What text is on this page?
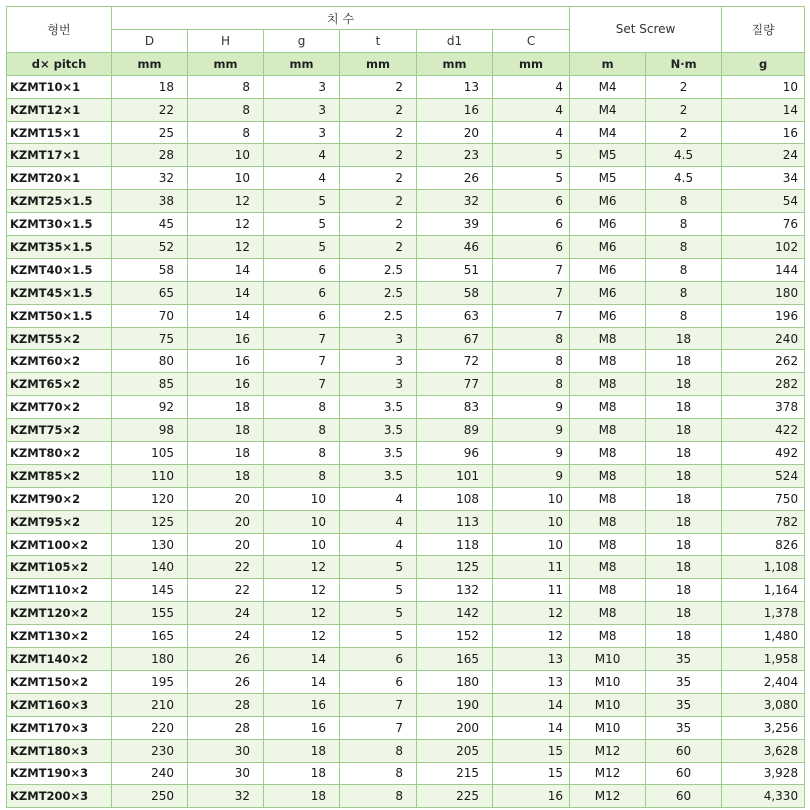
형번	치 수						Set Screw		질량
	D	H	g	t	d1	C			
d× pitch	mm	mm	mm	mm	mm	mm	m	N·m	g
KZMT10×1	18	8	3	2	13	4	M4	2	10
KZMT12×1	22	8	3	2	16	4	M4	2	14
KZMT15×1	25	8	3	2	20	4	M4	2	16
KZMT17×1	28	10	4	2	23	5	M5	4.5	24
KZMT20×1	32	10	4	2	26	5	M5	4.5	34
KZMT25×1.5	38	12	5	2	32	6	M6	8	54
KZMT30×1.5	45	12	5	2	39	6	M6	8	76
KZMT35×1.5	52	12	5	2	46	6	M6	8	102
KZMT40×1.5	58	14	6	2.5	51	7	M6	8	144
KZMT45×1.5	65	14	6	2.5	58	7	M6	8	180
KZMT50×1.5	70	14	6	2.5	63	7	M6	8	196
KZMT55×2	75	16	7	3	67	8	M8	18	240
KZMT60×2	80	16	7	3	72	8	M8	18	262
KZMT65×2	85	16	7	3	77	8	M8	18	282
KZMT70×2	92	18	8	3.5	83	9	M8	18	378
KZMT75×2	98	18	8	3.5	89	9	M8	18	422
KZMT80×2	105	18	8	3.5	96	9	M8	18	492
KZMT85×2	110	18	8	3.5	101	9	M8	18	524
KZMT90×2	120	20	10	4	108	10	M8	18	750
KZMT95×2	125	20	10	4	113	10	M8	18	782
KZMT100×2	130	20	10	4	118	10	M8	18	826
KZMT105×2	140	22	12	5	125	11	M8	18	1,108
KZMT110×2	145	22	12	5	132	11	M8	18	1,164
KZMT120×2	155	24	12	5	142	12	M8	18	1,378
KZMT130×2	165	24	12	5	152	12	M8	18	1,480
KZMT140×2	180	26	14	6	165	13	M10	35	1,958
KZMT150×2	195	26	14	6	180	13	M10	35	2,404
KZMT160×3	210	28	16	7	190	14	M10	35	3,080
KZMT170×3	220	28	16	7	200	14	M10	35	3,256
KZMT180×3	230	30	18	8	205	15	M12	60	3,628
KZMT190×3	240	30	18	8	215	15	M12	60	3,928
KZMT200×3	250	32	18	8	225	16	M12	60	4,330
